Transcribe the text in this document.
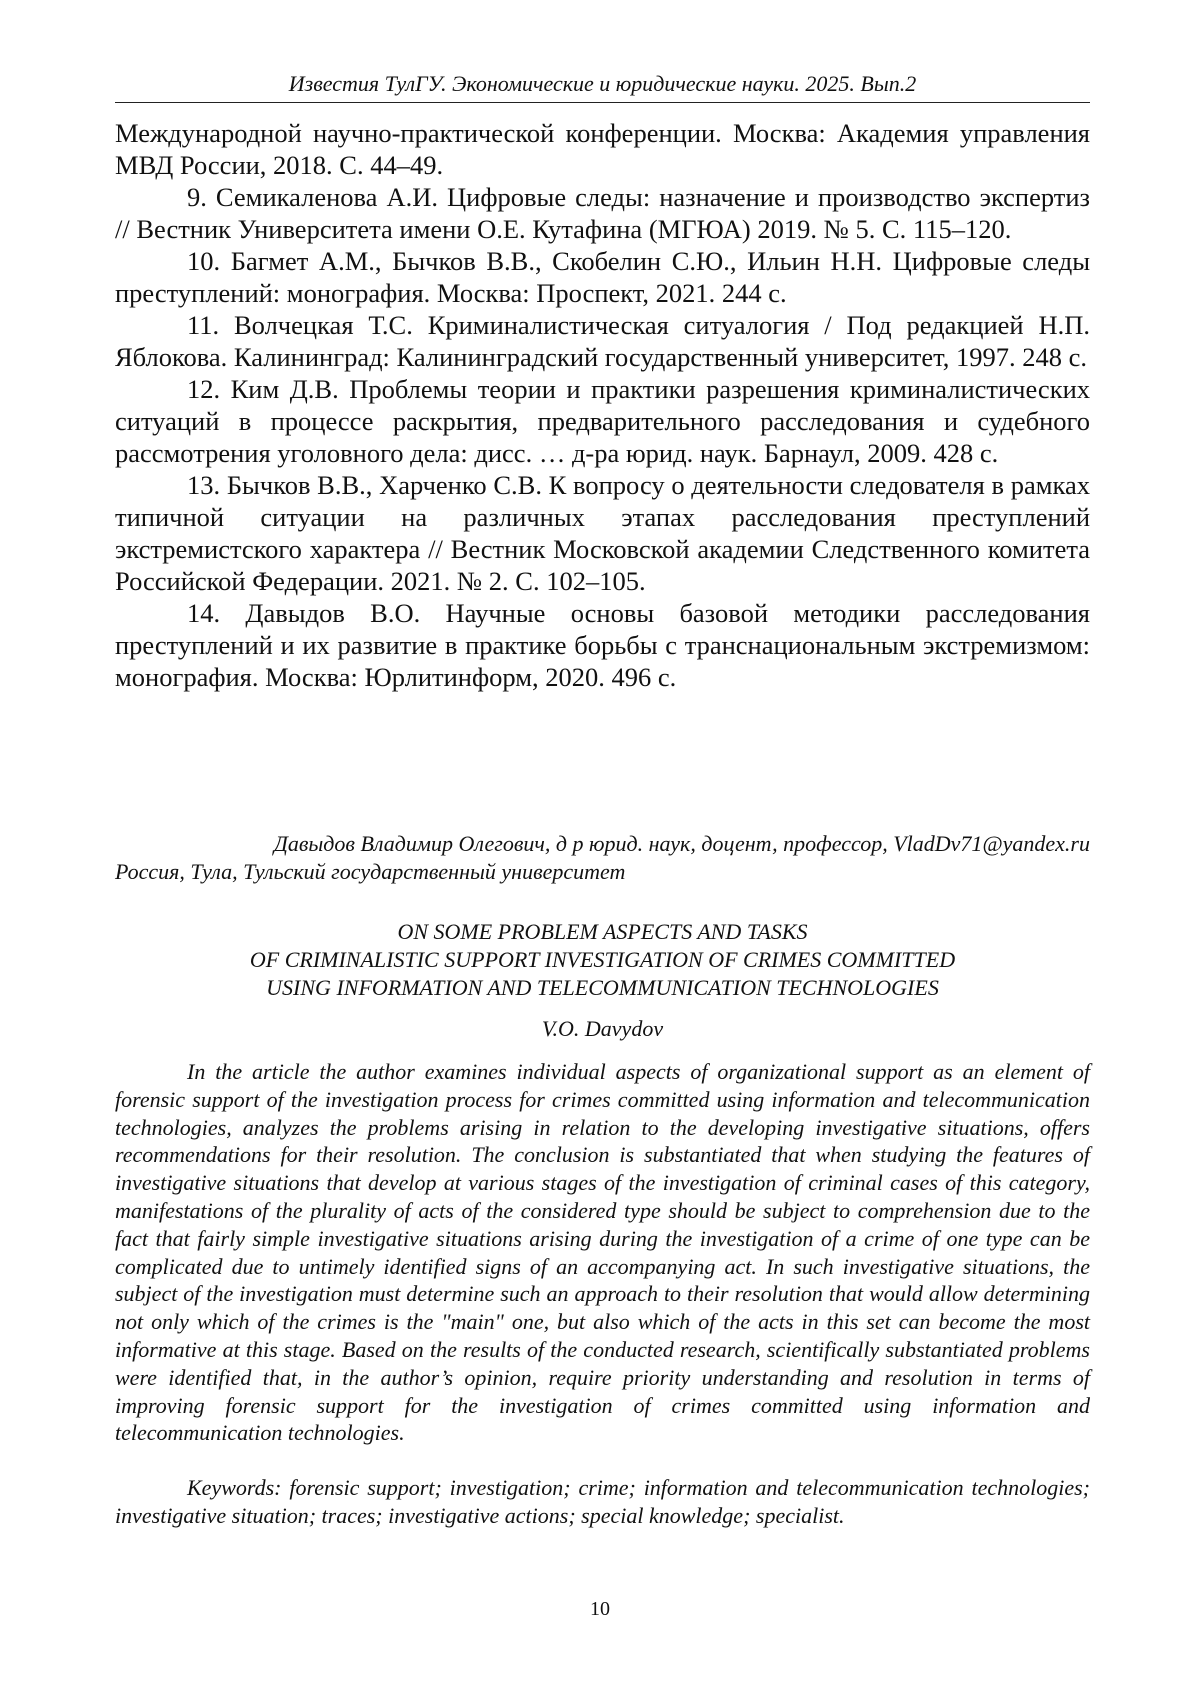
Известия ТулГУ. Экономические и юридические науки. 2025. Вып.2

Международной научно-практической конференции. Москва: Академия управления МВД России, 2018. С. 44–49.

9. Семикаленова А.И. Цифровые следы: назначение и производство экспертиз // Вестник Университета имени О.Е. Кутафина (МГЮА) 2019. № 5. С. 115–120.

10. Багмет А.М., Бычков В.В., Скобелин С.Ю., Ильин Н.Н. Цифровые следы преступлений: монография. Москва: Проспект, 2021. 244 с.

11. Волчецкая Т.С. Криминалистическая ситуалогия / Под редакцией Н.П. Яблокова. Калининград: Калининградский государственный университет, 1997. 248 с.

12. Ким Д.В. Проблемы теории и практики разрешения криминалистических ситуаций в процессе раскрытия, предварительного расследования и судебного рассмотрения уголовного дела: дисс. … д-ра юрид. наук. Барнаул, 2009. 428 с.

13. Бычков В.В., Харченко С.В. К вопросу о деятельности следователя в рамках типичной ситуации на различных этапах расследования преступлений экстремистского характера // Вестник Московской академии Следственного комитета Российской Федерации. 2021. № 2. С. 102–105.

14. Давыдов В.О. Научные основы базовой методики расследования преступлений и их развитие в практике борьбы с транснациональным экстремизмом: монография. Москва: Юрлитинформ, 2020. 496 с.

Давыдов Владимир Олегович, д р юрид. наук, доцент, профессор, VladDv71@yandex.ru

Россия, Тула, Тульский государственный университет

ON SOME PROBLEM ASPECTS AND TASKS
OF CRIMINALISTIC SUPPORT INVESTIGATION OF CRIMES COMMITTED
USING INFORMATION AND TELECOMMUNICATION TECHNOLOGIES

V.O. Davydov

In the article the author examines individual aspects of organizational support as an element of forensic support of the investigation process for crimes committed using information and telecommunication technologies, analyzes the problems arising in relation to the developing investigative situations, offers recommendations for their resolution. The conclusion is substantiated that when studying the features of investigative situations that develop at various stages of the investigation of criminal cases of this category, manifestations of the plurality of acts of the considered type should be subject to comprehension due to the fact that fairly simple investigative situations arising during the investigation of a crime of one type can be complicated due to untimely identified signs of an accompanying act. In such investigative situations, the subject of the investigation must determine such an approach to their resolution that would allow determining not only which of the crimes is the "main" one, but also which of the acts in this set can become the most informative at this stage. Based on the results of the conducted research, scientifically substantiated problems were identified that, in the author’s opinion, require priority understanding and resolution in terms of improving forensic support for the investigation of crimes committed using information and telecommunication technologies.

Keywords: forensic support; investigation; crime; information and telecommunication technologies; investigative situation; traces; investigative actions; special knowledge; specialist.

10
